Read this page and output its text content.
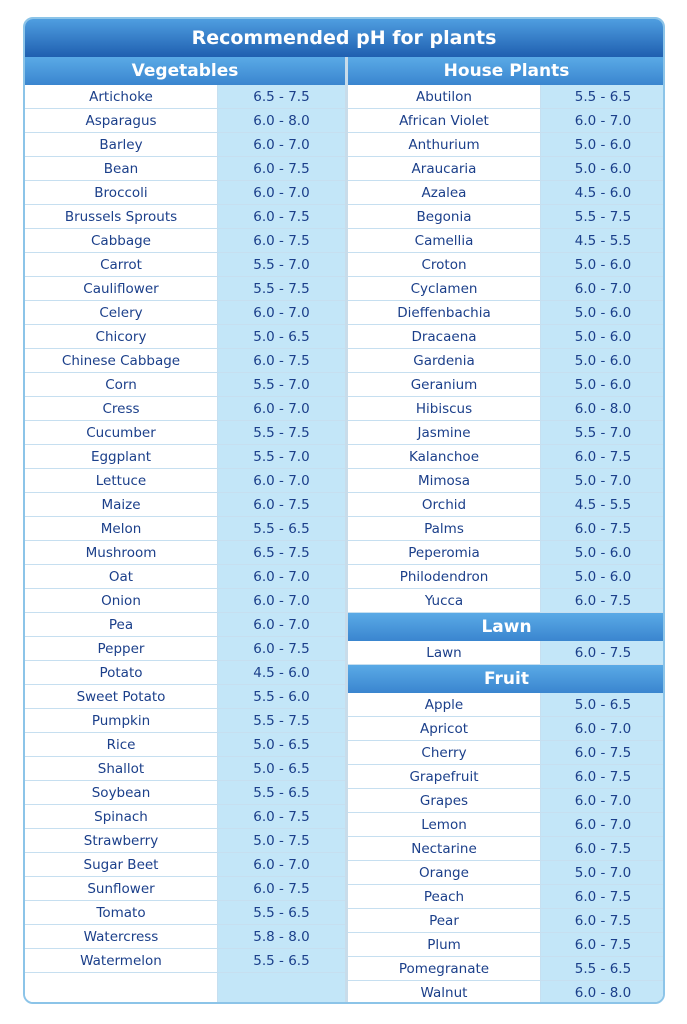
Recommended pH for plants
Vegetables
Artichoke	6.5 - 7.5
Asparagus	6.0 - 8.0
Barley	6.0 - 7.0
Bean	6.0 - 7.5
Broccoli	6.0 - 7.0
Brussels Sprouts	6.0 - 7.5
Cabbage	6.0 - 7.5
Carrot	5.5 - 7.0
Cauliflower	5.5 - 7.5
Celery	6.0 - 7.0
Chicory	5.0 - 6.5
Chinese Cabbage	6.0 - 7.5
Corn	5.5 - 7.0
Cress	6.0 - 7.0
Cucumber	5.5 - 7.5
Eggplant	5.5 - 7.0
Lettuce	6.0 - 7.0
Maize	6.0 - 7.5
Melon	5.5 - 6.5
Mushroom	6.5 - 7.5
Oat	6.0 - 7.0
Onion	6.0 - 7.0
Pea	6.0 - 7.0
Pepper	6.0 - 7.5
Potato	4.5 - 6.0
Sweet Potato	5.5 - 6.0
Pumpkin	5.5 - 7.5
Rice	5.0 - 6.5
Shallot	5.0 - 6.5
Soybean	5.5 - 6.5
Spinach	6.0 - 7.5
Strawberry	5.0 - 7.5
Sugar Beet	6.0 - 7.0
Sunflower	6.0 - 7.5
Tomato	5.5 - 6.5
Watercress	5.8 - 8.0
Watermelon	5.5 - 6.5
House Plants
Abutilon	5.5 - 6.5
African Violet	6.0 - 7.0
Anthurium	5.0 - 6.0
Araucaria	5.0 - 6.0
Azalea	4.5 - 6.0
Begonia	5.5 - 7.5
Camellia	4.5 - 5.5
Croton	5.0 - 6.0
Cyclamen	6.0 - 7.0
Dieffenbachia	5.0 - 6.0
Dracaena	5.0 - 6.0
Gardenia	5.0 - 6.0
Geranium	5.0 - 6.0
Hibiscus	6.0 - 8.0
Jasmine	5.5 - 7.0
Kalanchoe	6.0 - 7.5
Mimosa	5.0 - 7.0
Orchid	4.5 - 5.5
Palms	6.0 - 7.5
Peperomia	5.0 - 6.0
Philodendron	5.0 - 6.0
Yucca	6.0 - 7.5
Lawn
Lawn	6.0 - 7.5
Fruit
Apple	5.0 - 6.5
Apricot	6.0 - 7.0
Cherry	6.0 - 7.5
Grapefruit	6.0 - 7.5
Grapes	6.0 - 7.0
Lemon	6.0 - 7.0
Nectarine	6.0 - 7.5
Orange	5.0 - 7.0
Peach	6.0 - 7.5
Pear	6.0 - 7.5
Plum	6.0 - 7.5
Pomegranate	5.5 - 6.5
Walnut	6.0 - 8.0
